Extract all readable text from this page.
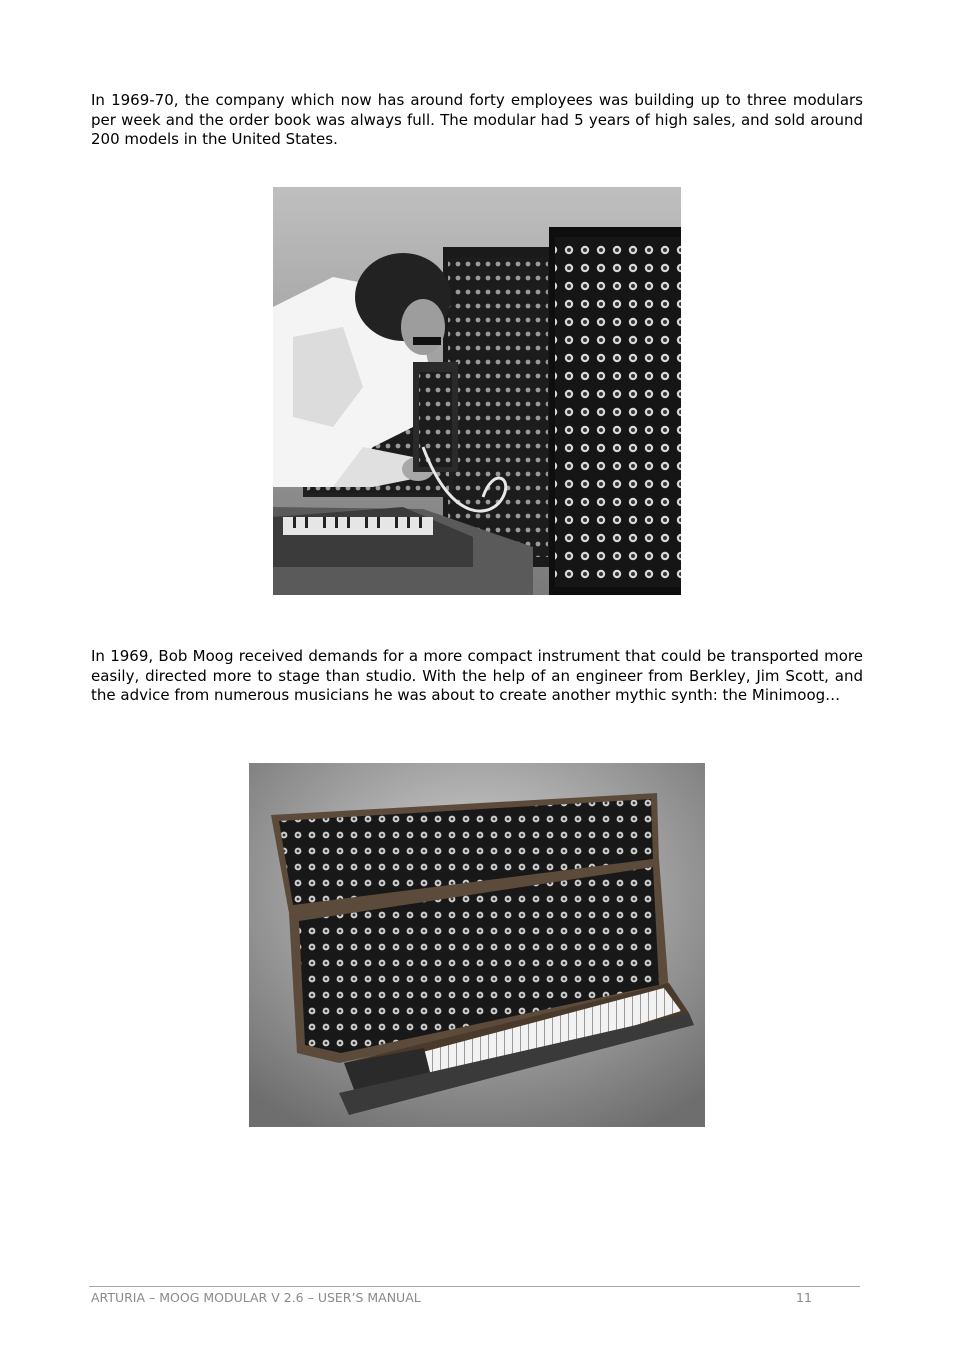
In 1969-70, the company which now has around forty employees was building up to three modulars per week and the order book was always full. The modular had 5 years of high sales, and sold around 200 models in the United States.

In 1969, Bob Moog received demands for a more compact instrument that could be transported more easily, directed more to stage than studio. With the help of an engineer from Berkley, Jim Scott, and the advice from numerous musicians he was about to create another mythic synth: the Minimoog…

ARTURIA – MOOG MODULAR V 2.6 – USER’S MANUAL	11
